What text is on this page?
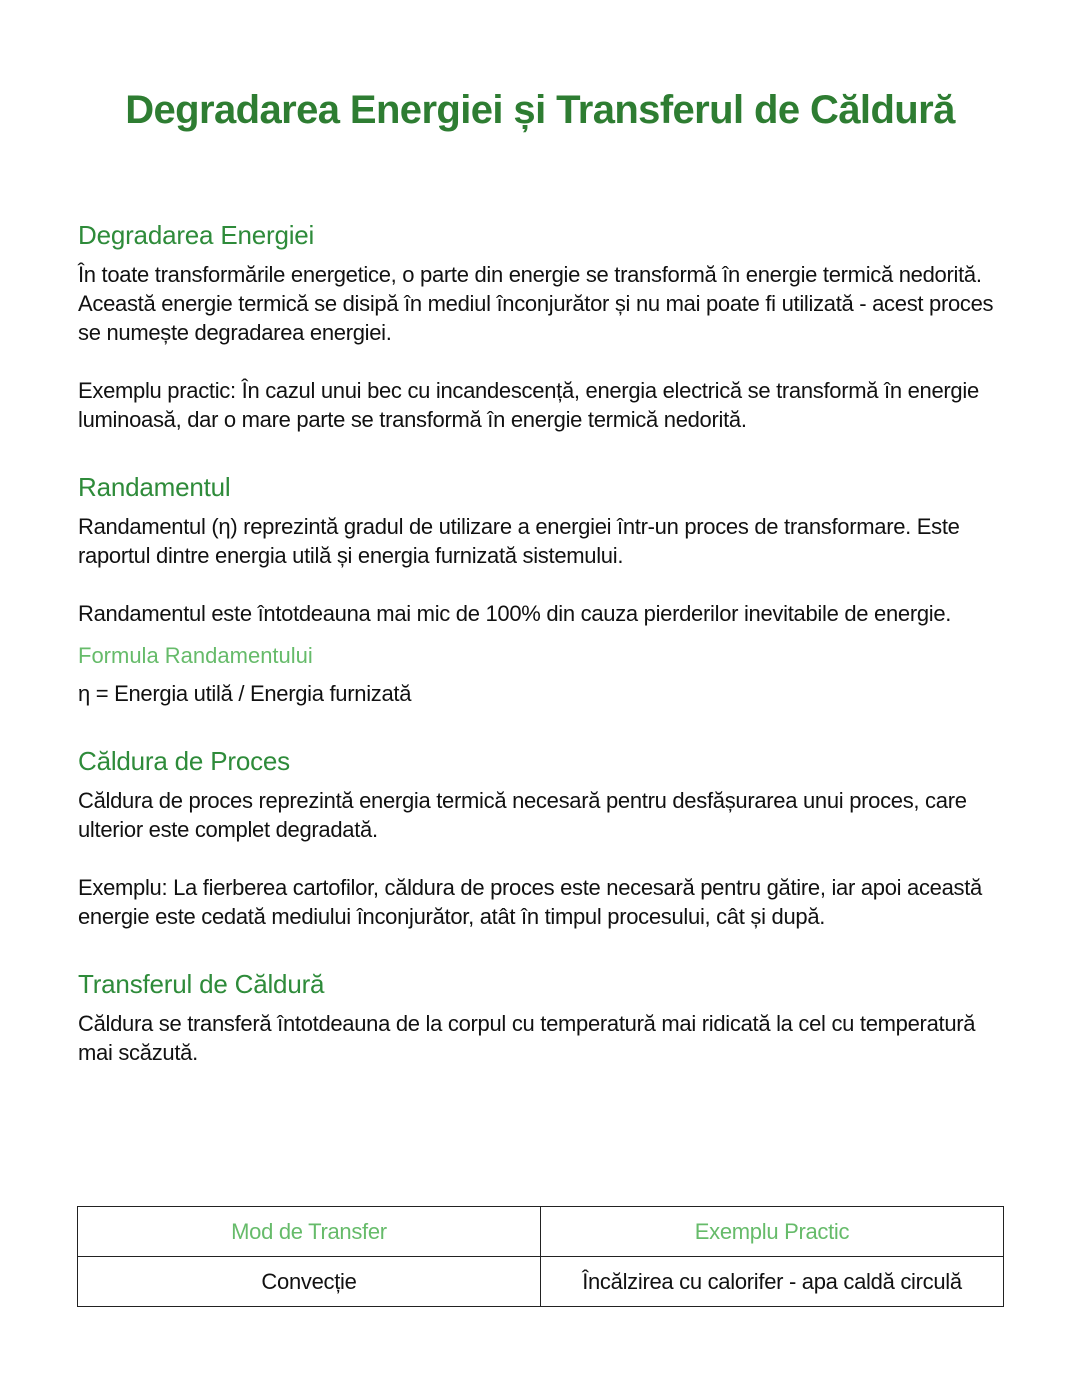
Degradarea Energiei și Transferul de Căldură
Degradarea Energiei

În toate transformările energetice, o parte din energie se transformă în energie termică nedorită. Această energie termică se disipă în mediul înconjurător și nu mai poate fi utilizată - acest proces se numește degradarea energiei.

Exemplu practic: În cazul unui bec cu incandescență, energia electrică se transformă în energie luminoasă, dar o mare parte se transformă în energie termică nedorită.

Randamentul

Randamentul (η) reprezintă gradul de utilizare a energiei într-un proces de transformare. Este raportul dintre energia utilă și energia furnizată sistemului.

Randamentul este întotdeauna mai mic de 100% din cauza pierderilor inevitabile de energie.

Formula Randamentului

η = Energia utilă / Energia furnizată

Căldura de Proces

Căldura de proces reprezintă energia termică necesară pentru desfășurarea unui proces, care ulterior este complet degradată.

Exemplu: La fierberea cartofilor, căldura de proces este necesară pentru gătire, iar apoi această energie este cedată mediului înconjurător, atât în timpul procesului, cât și după.

Transferul de Căldură

Căldura se transferă întotdeauna de la corpul cu temperatură mai ridicată la cel cu temperatură mai scăzută.

Mod de Transfer	Exemplu Practic
Convecție	Încălzirea cu calorifer - apa caldă circulă
